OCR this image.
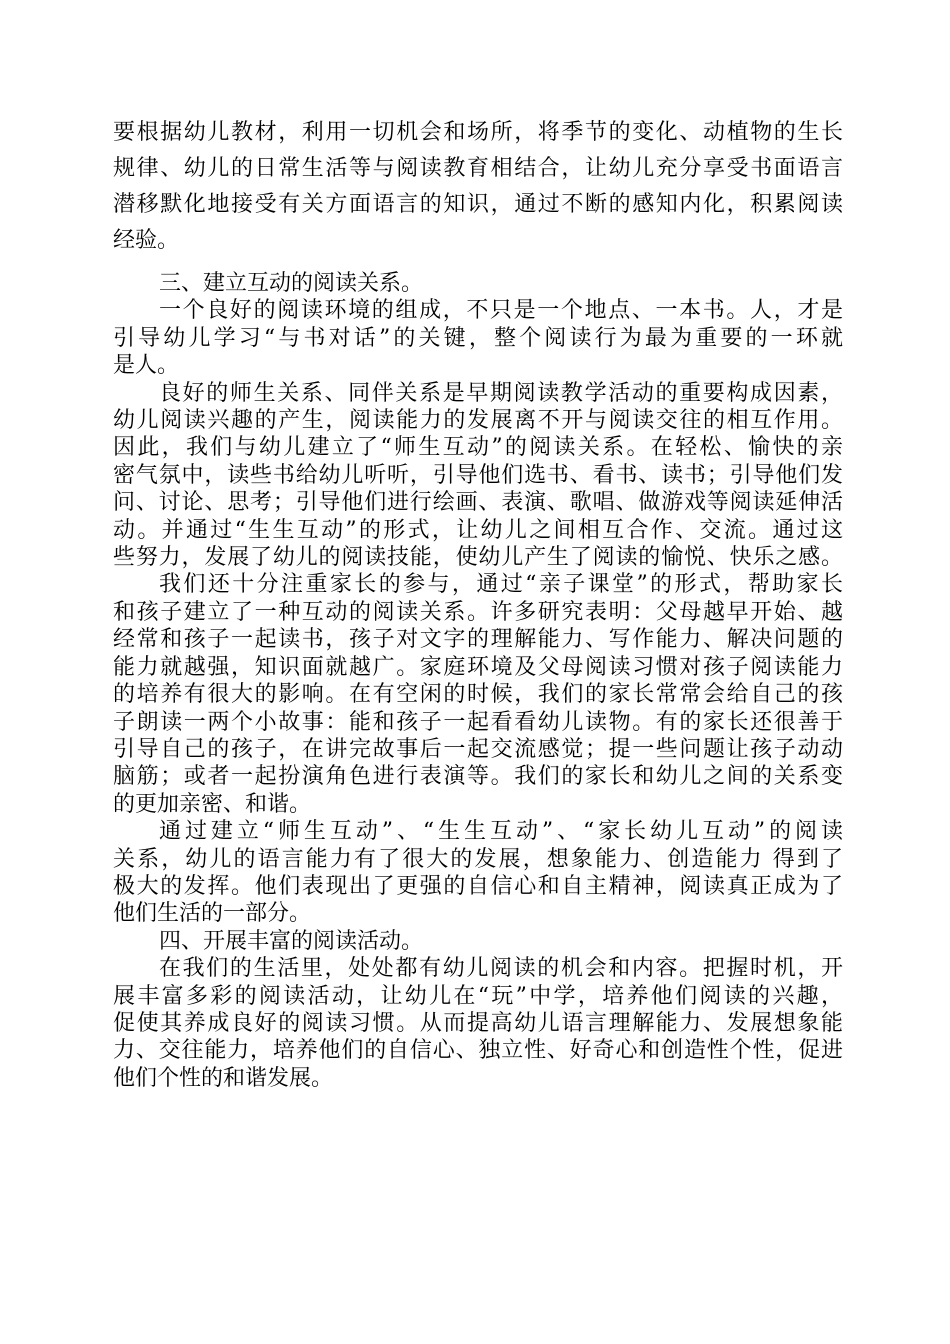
要根据幼儿教材，利用一切机会和场所，将季节的变化、动植物的生长
规律、幼儿的日常生活等与阅读教育相结合，让幼儿充分享受书面语言
潜移默化地接受有关方面语言的知识，通过不断的感知内化，积累阅读
经验。
三、建立互动的阅读关系。
一个良好的阅读环境的组成，不只是一个地点、一本书。人，才是
引导幼儿学习“与书对话”的关键，整个阅读行为最为重要的一环就
是人。
良好的师生关系、同伴关系是早期阅读教学活动的重要构成因素，
幼儿阅读兴趣的产生，阅读能力的发展离不开与阅读交往的相互作用。
因此，我们与幼儿建立了“师生互动”的阅读关系。在轻松、愉快的亲
密气氛中，读些书给幼儿听听，引导他们选书、看书、读书；引导他们发
问、讨论、思考；引导他们进行绘画、表演、歌唱、做游戏等阅读延伸活
动。并通过“生生互动”的形式，让幼儿之间相互合作、交流。通过这
些努力，发展了幼儿的阅读技能，使幼儿产生了阅读的愉悦、快乐之感。
我们还十分注重家长的参与，通过“亲子课堂”的形式，帮助家长
和孩子建立了一种互动的阅读关系。许多研究表明：父母越早开始、越
经常和孩子一起读书，孩子对文字的理解能力、写作能力、解决问题的
能力就越强，知识面就越广。家庭环境及父母阅读习惯对孩子阅读能力
的培养有很大的影响。在有空闲的时候，我们的家长常常会给自己的孩
子朗读一两个小故事：能和孩子一起看看幼儿读物。有的家长还很善于
引导自己的孩子，在讲完故事后一起交流感觉；提一些问题让孩子动动
脑筋；或者一起扮演角色进行表演等。我们的家长和幼儿之间的关系变
的更加亲密、和谐。
通过建立“师生互动”、“生生互动”、“家长幼儿互动”的阅读
关系，幼儿的语言能力有了很大的发展，想象能力、创造能力 得到了
极大的发挥。他们表现出了更强的自信心和自主精神，阅读真正成为了
他们生活的一部分。
四、开展丰富的阅读活动。
在我们的生活里，处处都有幼儿阅读的机会和内容。把握时机，开
展丰富多彩的阅读活动，让幼儿在“玩”中学，培养他们阅读的兴趣，
促使其养成良好的阅读习惯。从而提高幼儿语言理解能力、发展想象能
力、交往能力，培养他们的自信心、独立性、好奇心和创造性个性，促进
他们个性的和谐发展。
